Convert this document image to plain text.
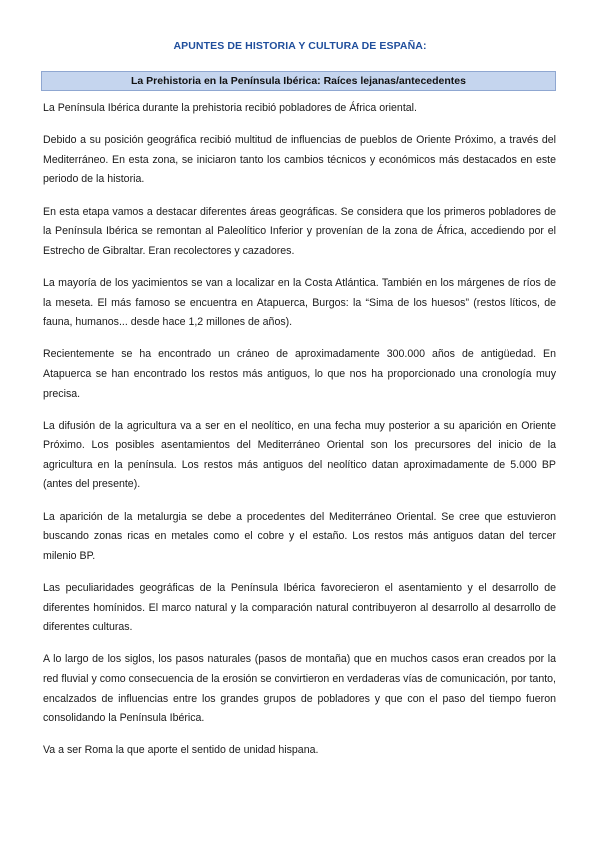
APUNTES DE HISTORIA Y CULTURA DE ESPAÑA:
La Prehistoria en la Península Ibérica: Raíces lejanas/antecedentes

La Península Ibérica durante la prehistoria recibió pobladores de África oriental.

Debido a su posición geográfica recibió multitud de influencias de pueblos de Oriente Próximo, a través del Mediterráneo. En esta zona, se iniciaron tanto los cambios técnicos y económicos más destacados en este periodo de la historia.

En esta etapa vamos a destacar diferentes áreas geográficas. Se considera que los primeros pobladores de la Península Ibérica se remontan al Paleolítico Inferior y provenían de la zona de África, accediendo por el Estrecho de Gibraltar. Eran recolectores y cazadores.

La mayoría de los yacimientos se van a localizar en la Costa Atlántica. También en los márgenes de ríos de la meseta. El más famoso se encuentra en Atapuerca, Burgos: la “Sima de los huesos” (restos líticos, de fauna, humanos... desde hace 1,2 millones de años).

Recientemente se ha encontrado un cráneo de aproximadamente 300.000 años de antigüedad. En Atapuerca se han encontrado los restos más antiguos, lo que nos ha proporcionado una cronología muy precisa.

La difusión de la agricultura va a ser en el neolítico, en una fecha muy posterior a su aparición en Oriente Próximo. Los posibles asentamientos del Mediterráneo Oriental son los precursores del inicio de la agricultura en la península. Los restos más antiguos del neolítico datan aproximadamente de 5.000 BP (antes del presente).

La aparición de la metalurgia se debe a procedentes del Mediterráneo Oriental. Se cree que estuvieron buscando zonas ricas en metales como el cobre y el estaño. Los restos más antiguos datan del tercer milenio BP.

Las peculiaridades geográficas de la Península Ibérica favorecieron el asentamiento y el desarrollo de diferentes homínidos. El marco natural y la comparación natural contribuyeron al desarrollo al desarrollo de diferentes culturas.

A lo largo de los siglos, los pasos naturales (pasos de montaña) que en muchos casos eran creados por la red fluvial y como consecuencia de la erosión se convirtieron en verdaderas vías de comunicación, por tanto, encalzados de influencias entre los grandes grupos de pobladores y que con el paso del tiempo fueron consolidando la Península Ibérica.

Va a ser Roma la que aporte el sentido de unidad hispana.
